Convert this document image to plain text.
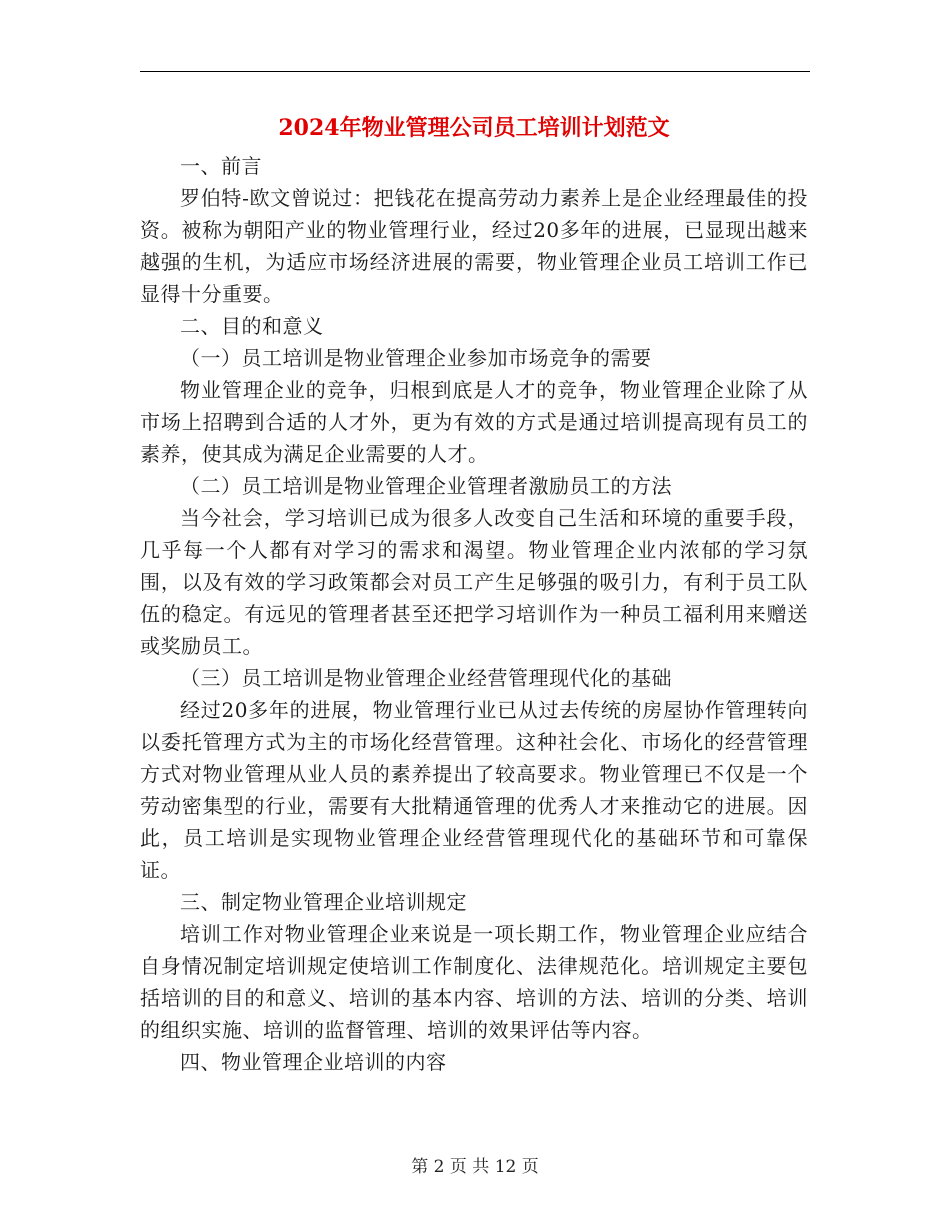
2024年物业管理公司员工培训计划范文

一、前言

罗伯特-欧文曾说过：把钱花在提高劳动力素养上是企业经理最佳的投资。被称为朝阳产业的物业管理行业，经过20多年的进展，已显现出越来越强的生机，为适应市场经济进展的需要，物业管理企业员工培训工作已显得十分重要。

二、目的和意义

（一）员工培训是物业管理企业参加市场竞争的需要

物业管理企业的竞争，归根到底是人才的竞争，物业管理企业除了从市场上招聘到合适的人才外，更为有效的方式是通过培训提高现有员工的素养，使其成为满足企业需要的人才。

（二）员工培训是物业管理企业管理者激励员工的方法

当今社会，学习培训已成为很多人改变自己生活和环境的重要手段，几乎每一个人都有对学习的需求和渴望。物业管理企业内浓郁的学习氛围，以及有效的学习政策都会对员工产生足够强的吸引力，有利于员工队伍的稳定。有远见的管理者甚至还把学习培训作为一种员工福利用来赠送或奖励员工。

（三）员工培训是物业管理企业经营管理现代化的基础

经过20多年的进展，物业管理行业已从过去传统的房屋协作管理转向以委托管理方式为主的市场化经营管理。这种社会化、市场化的经营管理方式对物业管理从业人员的素养提出了较高要求。物业管理已不仅是一个劳动密集型的行业，需要有大批精通管理的优秀人才来推动它的进展。因此，员工培训是实现物业管理企业经营管理现代化的基础环节和可靠保证。

三、制定物业管理企业培训规定

培训工作对物业管理企业来说是一项长期工作，物业管理企业应结合自身情况制定培训规定使培训工作制度化、法律规范化。培训规定主要包括培训的目的和意义、培训的基本内容、培训的方法、培训的分类、培训的组织实施、培训的监督管理、培训的效果评估等内容。

四、物业管理企业培训的内容

第 2 页 共 12 页
